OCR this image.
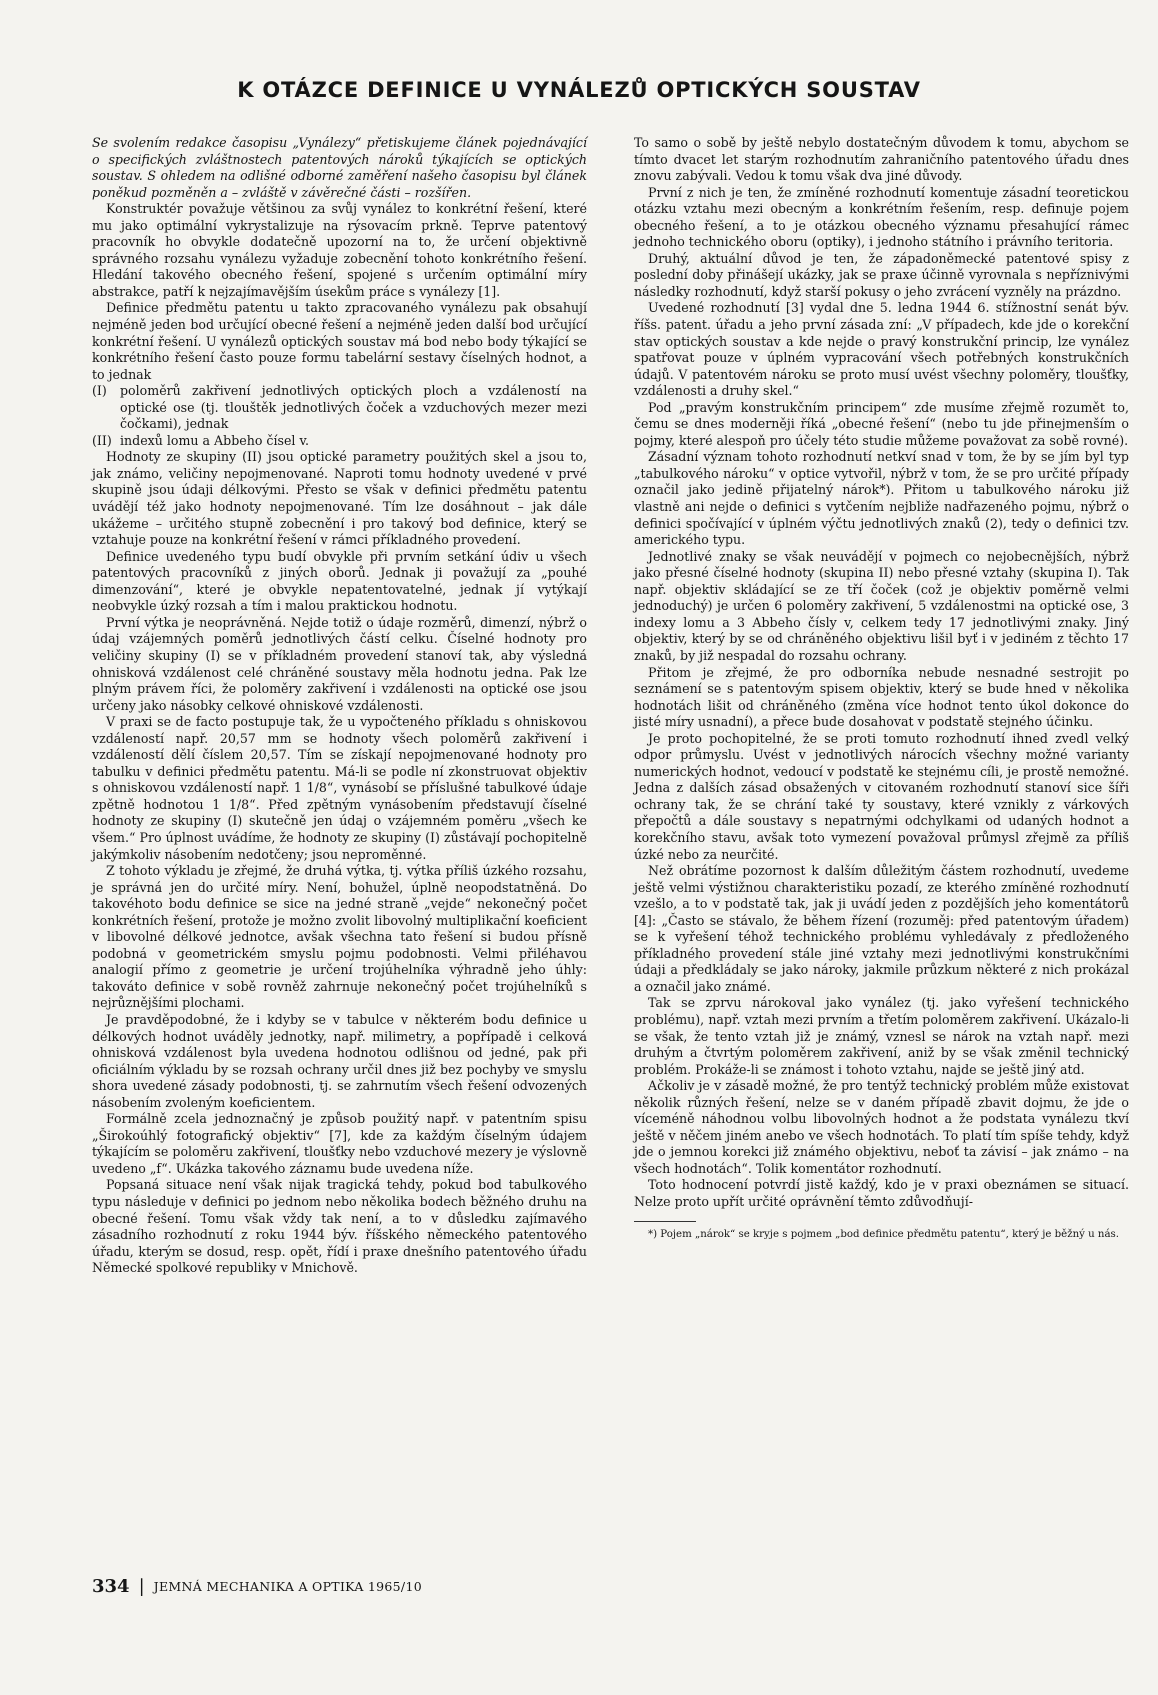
K OTÁZCE DEFINICE U VYNÁLEZŮ OPTICKÝCH SOUSTAV

Se svolením redakce časopisu „Vynálezy“ přetiskujeme článek pojednávající o specifických zvláštnostech patentových nároků týkajících se optických soustav. S ohledem na odlišné odborné zaměření našeho časopisu byl článek poněkud pozměněn a – zvláště v závěrečné části – rozšířen.

Konstruktér považuje většinou za svůj vynález to konkrétní řešení, které mu jako optimální vykrystalizuje na rýsovacím prkně. Teprve patentový pracovník ho obvykle dodatečně upozorní na to, že určení objektivně správného rozsahu vynálezu vyžaduje zobecnění tohoto konkrétního řešení. Hledání takového obecného řešení, spojené s určením optimální míry abstrakce, patří k nejzajímavějším úsekům práce s vynálezy [1].

Definice předmětu patentu u takto zpracovaného vynálezu pak obsahují nejméně jeden bod určující obecné řešení a nejméně jeden další bod určující konkrétní řešení. U vynálezů optických soustav má bod nebo body týkající se konkrétního řešení často pouze formu tabelární sestavy číselných hodnot, a to jednak

(I) poloměrů zakřivení jednotlivých optických ploch a vzdáleností na optické ose (tj. tlouštěk jednotlivých čoček a vzduchových mezer mezi čočkami), jednak

(II) indexů lomu a Abbeho čísel v.

Hodnoty ze skupiny (II) jsou optické parametry použitých skel a jsou to, jak známo, veličiny nepojmenované. Naproti tomu hodnoty uvedené v prvé skupině jsou údaji délkovými. Přesto se však v definici předmětu patentu uvádějí též jako hodnoty nepojmenované. Tím lze dosáhnout – jak dále ukážeme – určitého stupně zobecnění i pro takový bod definice, který se vztahuje pouze na konkrétní řešení v rámci příkladného provedení.

Definice uvedeného typu budí obvykle při prvním setkání údiv u všech patentových pracovníků z jiných oborů. Jednak ji považují za „pouhé dimenzování“, které je obvykle nepatentovatelné, jednak jí vytýkají neobvykle úzký rozsah a tím i malou praktickou hodnotu.

První výtka je neoprávněná. Nejde totiž o údaje rozměrů, dimenzí, nýbrž o údaj vzájemných poměrů jednotlivých částí celku. Číselné hodnoty pro veličiny skupiny (I) se v příkladném provedení stanoví tak, aby výsledná ohnisková vzdálenost celé chráněné soustavy měla hodnotu jedna. Pak lze plným právem říci, že poloměry zakřivení i vzdálenosti na optické ose jsou určeny jako násobky celkové ohniskové vzdálenosti.

V praxi se de facto postupuje tak, že u vypočteného příkladu s ohniskovou vzdáleností např. 20,57 mm se hodnoty všech poloměrů zakřivení i vzdáleností dělí číslem 20,57. Tím se získají nepojmenované hodnoty pro tabulku v definici předmětu patentu. Má-li se podle ní zkonstruovat objektiv s ohniskovou vzdáleností např. 1 1/8“, vynásobí se příslušné tabulkové údaje zpětně hodnotou 1 1/8“. Před zpětným vynásobením představují číselné hodnoty ze skupiny (I) skutečně jen údaj o vzájemném poměru „všech ke všem.“ Pro úplnost uvádíme, že hodnoty ze skupiny (I) zůstávají pochopitelně jakýmkoliv násobením nedotčeny; jsou neproměnné.

Z tohoto výkladu je zřejmé, že druhá výtka, tj. výtka příliš úzkého rozsahu, je správná jen do určité míry. Není, bohužel, úplně neopodstatněná. Do takovéhoto bodu definice se sice na jedné straně „vejde“ nekonečný počet konkrétních řešení, protože je možno zvolit libovolný multiplikační koeficient v libovolné délkové jednotce, avšak všechna tato řešení si budou přísně podobná v geometrickém smyslu pojmu podobnosti. Velmi přiléhavou analogií přímo z geometrie je určení trojúhelníka výhradně jeho úhly: takováto definice v sobě rovněž zahrnuje nekonečný počet trojúhelníků s nejrůznějšími plochami.

Je pravděpodobné, že i kdyby se v tabulce v některém bodu definice u délkových hodnot uváděly jednotky, např. milimetry, a popřípadě i celková ohnisková vzdálenost byla uvedena hodnotou odlišnou od jedné, pak při oficiálním výkladu by se rozsah ochrany určil dnes již bez pochyby ve smyslu shora uvedené zásady podobnosti, tj. se zahrnutím všech řešení odvozených násobením zvoleným koeficientem.

Formálně zcela jednoznačný je způsob použitý např. v patentním spisu „Širokoúhlý fotografický objektiv“ [7], kde za každým číselným údajem týkajícím se poloměru zakřivení, tloušťky nebo vzduchové mezery je výslovně uvedeno „f“. Ukázka takového záznamu bude uvedena níže.

Popsaná situace není však nijak tragická tehdy, pokud bod tabulkového typu následuje v definici po jednom nebo několika bodech běžného druhu na obecné řešení. Tomu však vždy tak není, a to v důsledku zajímavého zásadního rozhodnutí z roku 1944 býv. říšského německého patentového úřadu, kterým se dosud, resp. opět, řídí i praxe dnešního patentového úřadu Německé spolkové republiky v Mnichově.

To samo o sobě by ještě nebylo dostatečným důvodem k tomu, abychom se tímto dvacet let starým rozhodnutím zahraničního patentového úřadu dnes znovu zabývali. Vedou k tomu však dva jiné důvody.

První z nich je ten, že zmíněné rozhodnutí komentuje zásadní teoretickou otázku vztahu mezi obecným a konkrétním řešením, resp. definuje pojem obecného řešení, a to je otázkou obecného významu přesahující rámec jednoho technického oboru (optiky), i jednoho státního i právního teritoria.

Druhý, aktuální důvod je ten, že západoněmecké patentové spisy z poslední doby přinášejí ukázky, jak se praxe účinně vyrovnala s nepříznivými následky rozhodnutí, když starší pokusy o jeho zvrácení vyzněly na prázdno.

Uvedené rozhodnutí [3] vydal dne 5. ledna 1944 6. stížnostní senát býv. říšs. patent. úřadu a jeho první zásada zní: „V případech, kde jde o korekční stav optických soustav a kde nejde o pravý konstrukční princip, lze vynález spatřovat pouze v úplném vypracování všech potřebných konstrukčních údajů. V patentovém nároku se proto musí uvést všechny poloměry, tloušťky, vzdálenosti a druhy skel.“

Pod „pravým konstrukčním principem“ zde musíme zřejmě rozumět to, čemu se dnes moderněji říká „obecné řešení“ (nebo tu jde přinejmenším o pojmy, které alespoň pro účely této studie můžeme považovat za sobě rovné).

Zásadní význam tohoto rozhodnutí netkví snad v tom, že by se jím byl typ „tabulkového nároku“ v optice vytvořil, nýbrž v tom, že se pro určité případy označil jako jedině přijatelný nárok*). Přitom u tabulkového nároku již vlastně ani nejde o definici s vytčením nejbliže nadřazeného pojmu, nýbrž o definici spočívající v úplném výčtu jednotlivých znaků (2), tedy o definici tzv. amerického typu.

Jednotlivé znaky se však neuvádějí v pojmech co nejobecnějších, nýbrž jako přesné číselné hodnoty (skupina II) nebo přesné vztahy (skupina I). Tak např. objektiv skládající se ze tří čoček (což je objektiv poměrně velmi jednoduchý) je určen 6 poloměry zakřivení, 5 vzdálenostmi na optické ose, 3 indexy lomu a 3 Abbeho čísly v, celkem tedy 17 jednotlivými znaky. Jiný objektiv, který by se od chráněného objektivu lišil byť i v jediném z těchto 17 znaků, by již nespadal do rozsahu ochrany.

Přitom je zřejmé, že pro odborníka nebude nesnadné sestrojit po seznámení se s patentovým spisem objektiv, který se bude hned v několika hodnotách lišit od chráněného (změna více hodnot tento úkol dokonce do jisté míry usnadní), a přece bude dosahovat v podstatě stejného účinku.

Je proto pochopitelné, že se proti tomuto rozhodnutí ihned zvedl velký odpor průmyslu. Uvést v jednotlivých nárocích všechny možné varianty numerických hodnot, vedoucí v podstatě ke stejnému cíli, je prostě nemožné. Jedna z dalších zásad obsažených v citovaném rozhodnutí stanoví sice šíři ochrany tak, že se chrání také ty soustavy, které vznikly z várkových přepočtů a dále soustavy s nepatrnými odchylkami od udaných hodnot a korekčního stavu, avšak toto vymezení považoval průmysl zřejmě za příliš úzké nebo za neurčité.

Než obrátíme pozornost k dalším důležitým částem rozhodnutí, uvedeme ještě velmi výstižnou charakteristiku pozadí, ze kterého zmíněné rozhodnutí vzešlo, a to v podstatě tak, jak ji uvádí jeden z pozdějších jeho komentátorů [4]: „Často se stávalo, že během řízení (rozuměj: před patentovým úřadem) se k vyřešení téhož technického problému vyhledávaly z předloženého příkladného provedení stále jiné vztahy mezi jednotlivými konstrukčními údaji a předkládaly se jako nároky, jakmile průzkum některé z nich prokázal a označil jako známé.

Tak se zprvu nárokoval jako vynález (tj. jako vyřešení technického problému), např. vztah mezi prvním a třetím poloměrem zakřivení. Ukázalo-li se však, že tento vztah již je známý, vznesl se nárok na vztah např. mezi druhým a čtvrtým poloměrem zakřivení, aniž by se však změnil technický problém. Prokáže-li se známost i tohoto vztahu, najde se ještě jiný atd.

Ačkoliv je v zásadě možné, že pro tentýž technický problém může existovat několik různých řešení, nelze se v daném případě zbavit dojmu, že jde o víceméně náhodnou volbu libovolných hodnot a že podstata vynálezu tkví ještě v něčem jiném anebo ve všech hodnotách. To platí tím spíše tehdy, když jde o jemnou korekci již známého objektivu, neboť ta závisí – jak známo – na všech hodnotách“. Tolik komentátor rozhodnutí.

Toto hodnocení potvrdí jistě každý, kdo je v praxi obeznámen se situací. Nelze proto upřít určité oprávnění těmto zdůvodňují-

*) Pojem „nárok“ se kryje s pojmem „bod definice předmětu patentu“, který je běžný u nás.

334 | JEMNÁ MECHANIKA A OPTIKA 1965/10
